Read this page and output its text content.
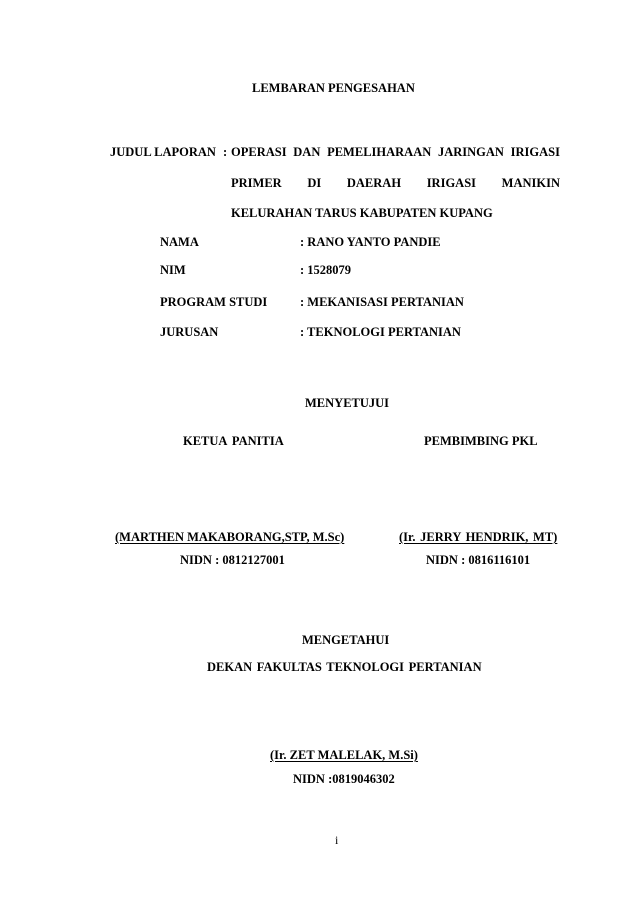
LEMBARAN PENGESAHAN
JUDUL LAPORAN : OPERASI DAN PEMELIHARAAN JARINGAN IRIGASI
PRIMER DI DAERAH IRIGASI MANIKIN
KELURAHAN TARUS KABUPATEN KUPANG
NAMA	: RANO YANTO PANDIE
NIM	: 1528079
PROGRAM STUDI	: MEKANISASI PERTANIAN
JURUSAN	: TEKNOLOGI PERTANIAN
MENYETUJUI
KETUA PANITIA	PEMBIMBING PKL
(MARTHEN MAKABORANG,STP, M.Sc)	(Ir. JERRY HENDRIK, MT)
NIDN : 0812127001	NIDN : 0816116101
MENGETAHUI
DEKAN FAKULTAS TEKNOLOGI PERTANIAN
(Ir. ZET MALELAK, M.Si)
NIDN :0819046302
i
